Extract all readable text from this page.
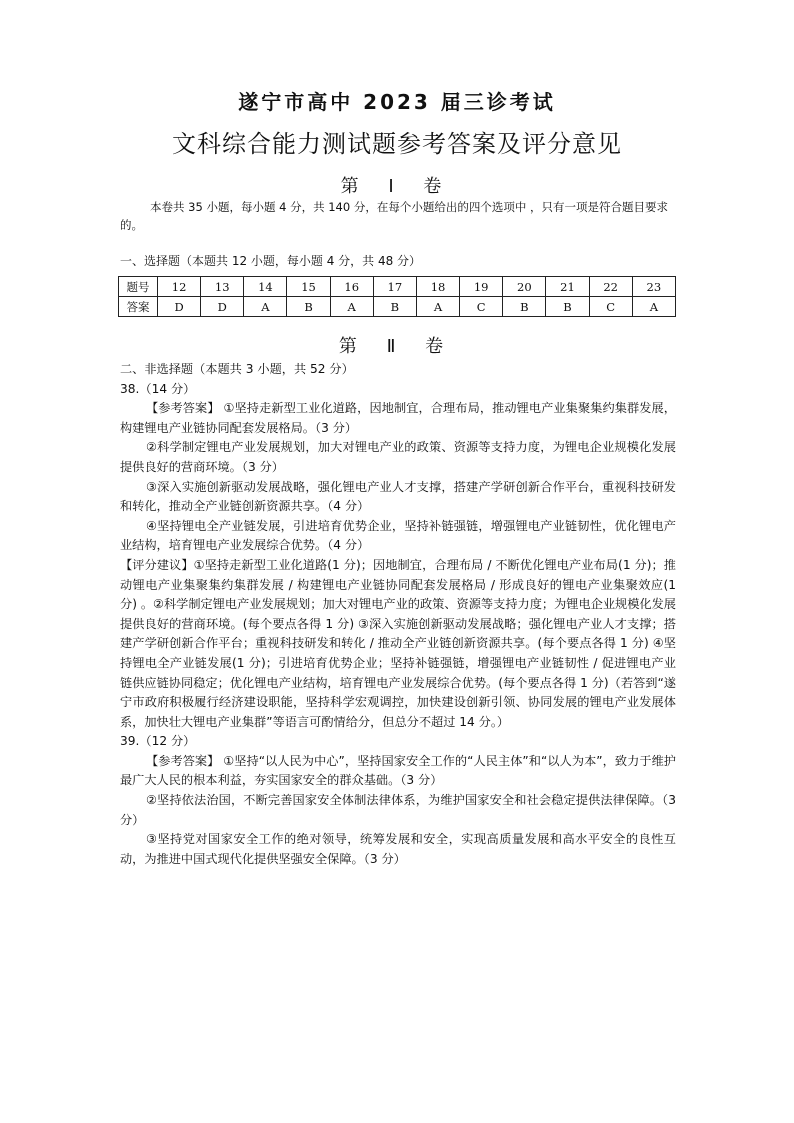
遂宁市高中 2023 届三诊考试
文科综合能力测试题参考答案及评分意见
第 Ⅰ 卷
本卷共 35 小题，每小题 4 分，共 140 分，在每个小题给出的四个选项中 ，只有一项是符合题目要求的。
一、选择题（本题共 12 小题，每小题 4 分，共 48 分）
题号	12	13	14	15	16	17	18	19	20	21	22	23
答案	D	D	A	B	A	B	A	C	B	B	C	A
第 Ⅱ 卷

二、非选择题（本题共 3 小题，共 52 分）

38.（14 分）

【参考答案】 ①坚持走新型工业化道路，因地制宜，合理布局，推动锂电产业集聚集约集群发展，构建锂电产业链协同配套发展格局。（3 分）

②科学制定锂电产业发展规划，加大对锂电产业的政策、资源等支持力度，为锂电企业规模化发展提供良好的营商环境。（3 分）

③深入实施创新驱动发展战略，强化锂电产业人才支撑，搭建产学研创新合作平台，重视科技研发和转化，推动全产业链创新资源共享。（4 分）

④坚持锂电全产业链发展，引进培育优势企业，坚持补链强链，增强锂电产业链韧性，优化锂电产业结构，培育锂电产业发展综合优势。（4 分）

【评分建议】①坚持走新型工业化道路(1 分)；因地制宜，合理布局 / 不断优化锂电产业布局(1 分)；推动锂电产业集聚集约集群发展 / 构建锂电产业链协同配套发展格局 / 形成良好的锂电产业集聚效应(1 分) 。②科学制定锂电产业发展规划；加大对锂电产业的政策、资源等支持力度；为锂电企业规模化发展提供良好的营商环境。(每个要点各得 1 分) ③深入实施创新驱动发展战略；强化锂电产业人才支撑；搭建产学研创新合作平台；重视科技研发和转化 / 推动全产业链创新资源共享。(每个要点各得 1 分) ④坚持锂电全产业链发展(1 分)；引进培育优势企业；坚持补链强链，增强锂电产业链韧性 / 促进锂电产业链供应链协同稳定；优化锂电产业结构，培育锂电产业发展综合优势。(每个要点各得 1 分)（若答到“遂宁市政府积极履行经济建设职能，坚持科学宏观调控，加快建设创新引领、协同发展的锂电产业发展体系，加快壮大锂电产业集群”等语言可酌情给分，但总分不超过 14 分。）

39.（12 分）

【参考答案】 ①坚持“以人民为中心”，坚持国家安全工作的“人民主体”和“以人为本”，致力于维护最广大人民的根本利益，夯实国家安全的群众基础。（3 分）

②坚持依法治国，不断完善国家安全体制法律体系，为维护国家安全和社会稳定提供法律保障。（3 分）

③坚持党对国家安全工作的绝对领导，统筹发展和安全，实现高质量发展和高水平安全的良性互动，为推进中国式现代化提供坚强安全保障。（3 分）
